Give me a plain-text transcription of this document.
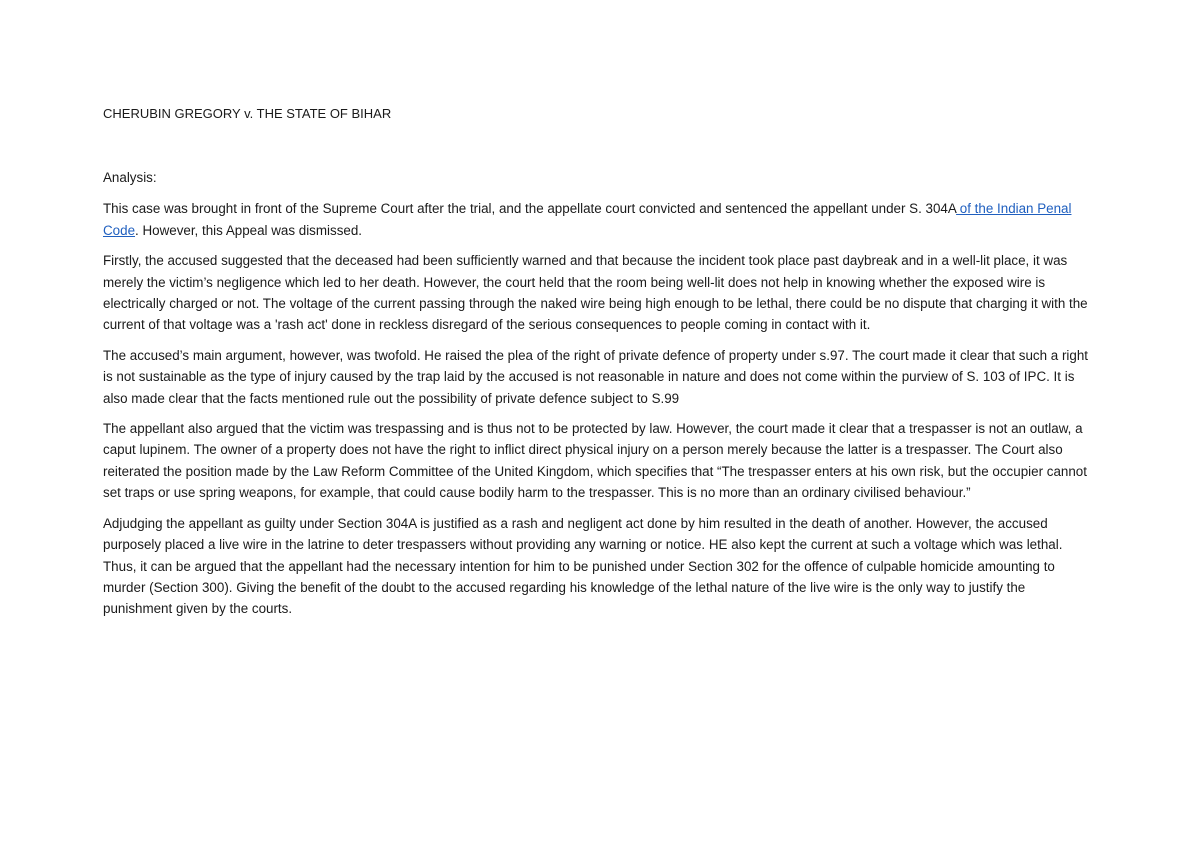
CHERUBIN GREGORY v. THE STATE OF BIHAR
Analysis:

This case was brought in front of the Supreme Court after the trial, and the appellate court convicted and sentenced the appellant under S. 304A of the Indian Penal Code. However, this Appeal was dismissed.

Firstly, the accused suggested that the deceased had been sufficiently warned and that because the incident took place past daybreak and in a well-lit place, it was merely the victim’s negligence which led to her death. However, the court held that the room being well-lit does not help in knowing whether the exposed wire is electrically charged or not. The voltage of the current passing through the naked wire being high enough to be lethal, there could be no dispute that charging it with the current of that voltage was a 'rash act' done in reckless disregard of the serious consequences to people coming in contact with it.

The accused’s main argument, however, was twofold. He raised the plea of the right of private defence of property under s.97. The court made it clear that such a right is not sustainable as the type of injury caused by the trap laid by the accused is not reasonable in nature and does not come within the purview of S. 103 of IPC. It is also made clear that the facts mentioned rule out the possibility of private defence subject to S.99

The appellant also argued that the victim was trespassing and is thus not to be protected by law. However, the court made it clear that a trespasser is not an outlaw, a caput lupinem. The owner of a property does not have the right to inflict direct physical injury on a person merely because the latter is a trespasser. The Court also reiterated the position made by the Law Reform Committee of the United Kingdom, which specifies that “The trespasser enters at his own risk, but the occupier cannot set traps or use spring weapons, for example, that could cause bodily harm to the trespasser. This is no more than an ordinary civilised behaviour.”

Adjudging the appellant as guilty under Section 304A is justified as a rash and negligent act done by him resulted in the death of another. However, the accused purposely placed a live wire in the latrine to deter trespassers without providing any warning or notice. HE also kept the current at such a voltage which was lethal. Thus, it can be argued that the appellant had the necessary intention for him to be punished under Section 302 for the offence of culpable homicide amounting to murder (Section 300). Giving the benefit of the doubt to the accused regarding his knowledge of the lethal nature of the live wire is the only way to justify the punishment given by the courts.
